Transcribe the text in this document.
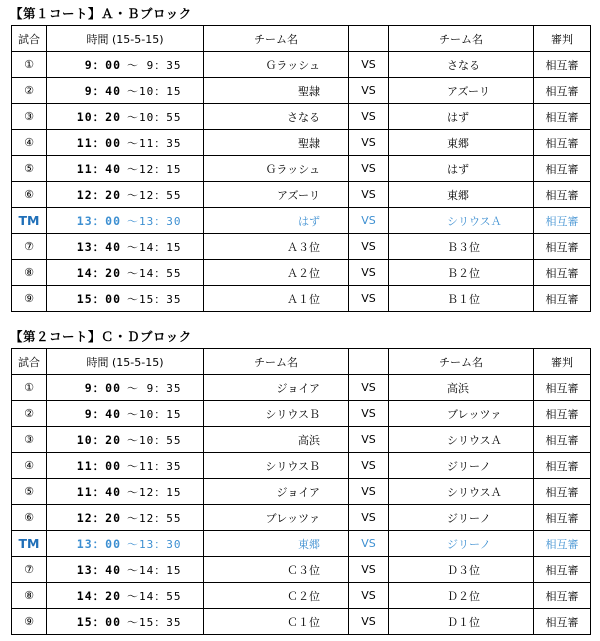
【第１コート】Ａ・Ｂブロック
試合	時間 (15-5-15)	チーム名		チーム名	審判
①	9：00 ～ 9：35	Ｇラッシュ	VS	さなる	相互審
②	9：40 ～10：15	聖隷	VS	アズーリ	相互審
③	10：20 ～10：55	さなる	VS	はず	相互審
④	11：00 ～11：35	聖隷	VS	東郷	相互審
⑤	11：40 ～12：15	Ｇラッシュ	VS	はず	相互審
⑥	12：20 ～12：55	アズーリ	VS	東郷	相互審
TM	13：00 ～13：30	はず	VS	シリウスＡ	相互審
⑦	13：40 ～14：15	Ａ３位	VS	Ｂ３位	相互審
⑧	14：20 ～14：55	Ａ２位	VS	Ｂ２位	相互審
⑨	15：00 ～15：35	Ａ１位	VS	Ｂ１位	相互審
【第２コート】Ｃ・Ｄブロック
試合	時間 (15-5-15)	チーム名		チーム名	審判
①	9：00 ～ 9：35	ジョイア	VS	高浜	相互審
②	9：40 ～10：15	シリウスＢ	VS	ブレッツァ	相互審
③	10：20 ～10：55	高浜	VS	シリウスＡ	相互審
④	11：00 ～11：35	シリウスＢ	VS	ジリーノ	相互審
⑤	11：40 ～12：15	ジョイア	VS	シリウスＡ	相互審
⑥	12：20 ～12：55	ブレッツァ	VS	ジリーノ	相互審
TM	13：00 ～13：30	東郷	VS	ジリーノ	相互審
⑦	13：40 ～14：15	Ｃ３位	VS	Ｄ３位	相互審
⑧	14：20 ～14：55	Ｃ２位	VS	Ｄ２位	相互審
⑨	15：00 ～15：35	Ｃ１位	VS	Ｄ１位	相互審
